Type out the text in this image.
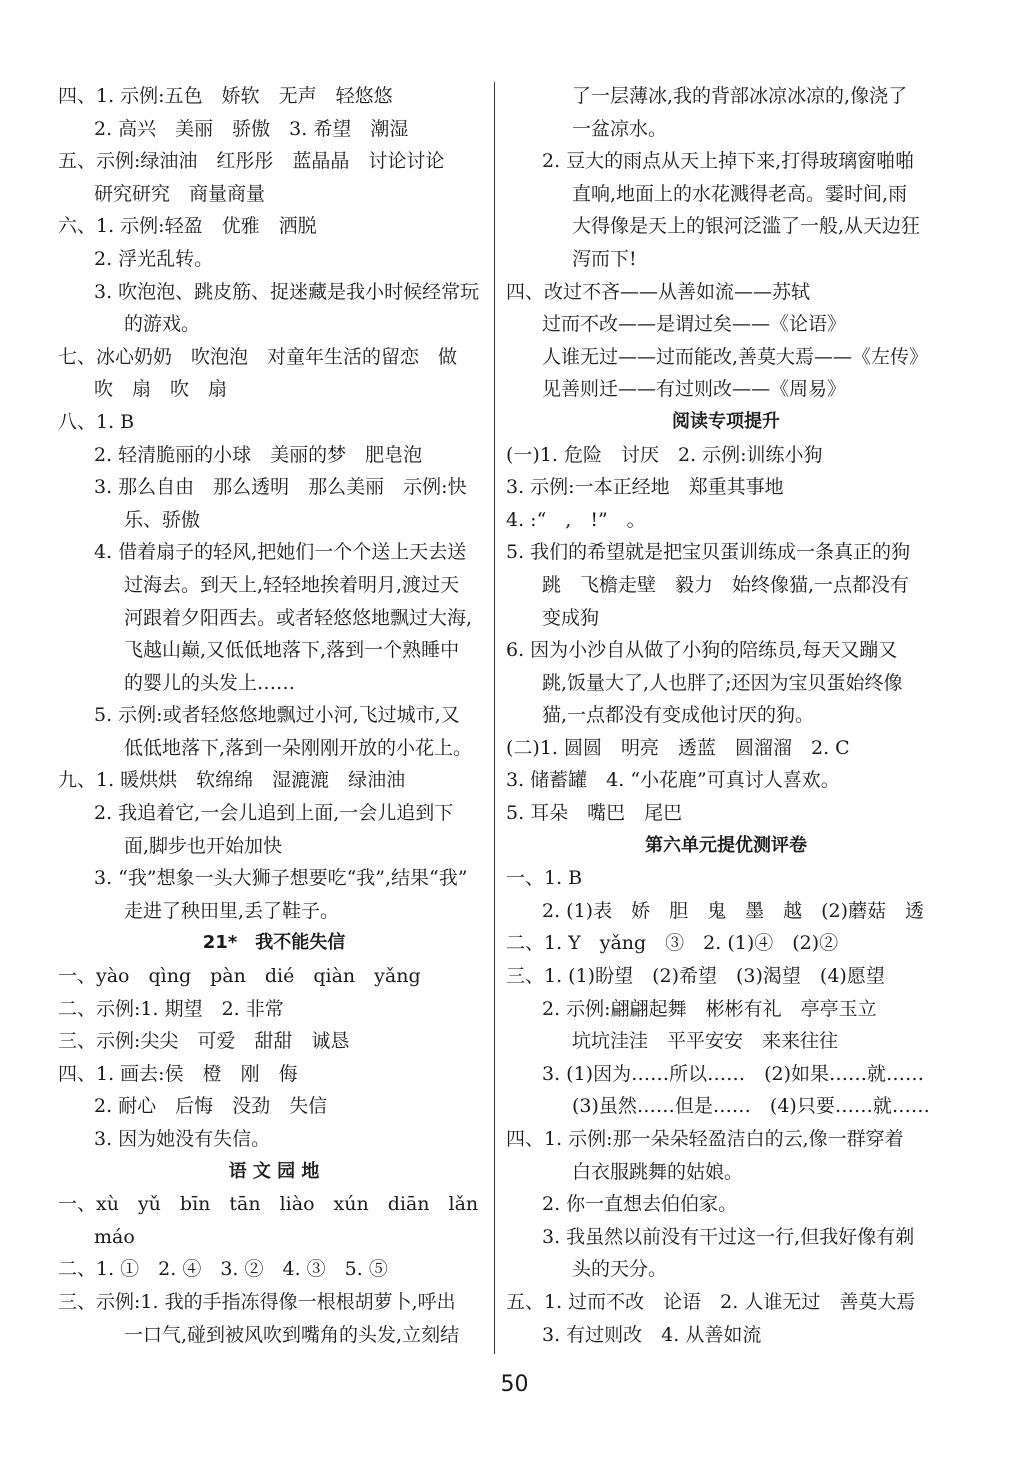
四、1. 示例:五色　娇软　无声　轻悠悠
2. 高兴　美丽　骄傲　3. 希望　潮湿
五、示例:绿油油　红彤彤　蓝晶晶　讨论讨论
研究研究　商量商量
六、1. 示例:轻盈　优雅　洒脱
2. 浮光乱转。
3. 吹泡泡、跳皮筋、捉迷藏是我小时候经常玩
的游戏。
七、冰心奶奶　吹泡泡　对童年生活的留恋　做
吹　扇　吹　扇
八、1. B
2. 轻清脆丽的小球　美丽的梦　肥皂泡
3. 那么自由　那么透明　那么美丽　示例:快
乐、骄傲
4. 借着扇子的轻风,把她们一个个送上天去送
过海去。到天上,轻轻地挨着明月,渡过天
河跟着夕阳西去。或者轻悠悠地飘过大海,
飞越山巅,又低低地落下,落到一个熟睡中
的婴儿的头发上……
5. 示例:或者轻悠悠地飘过小河,飞过城市,又
低低地落下,落到一朵刚刚开放的小花上。
九、1. 暖烘烘　软绵绵　湿漉漉　绿油油
2. 我追着它,一会儿追到上面,一会儿追到下
面,脚步也开始加快
3. “我”想象一头大狮子想要吃“我”,结果“我”
走进了秧田里,丢了鞋子。
21*　我不能失信
一、yào　qìng　pàn　dié　qiàn　yǎng
二、示例:1. 期望　2. 非常
三、示例:尖尖　可爱　甜甜　诚恳
四、1. 画去:侯　橙　刚　侮
2. 耐心　后悔　没劲　失信
3. 因为她没有失信。
语 文 园 地
一、xù　yǔ　bīn　tān　liào　xún　diān　lǎn
máo
二、1. ①　2. ④　3. ②　4. ③　5. ⑤
三、示例:1. 我的手指冻得像一根根胡萝卜,呼出
一口气,碰到被风吹到嘴角的头发,立刻结
了一层薄冰,我的背部冰凉冰凉的,像浇了
一盆凉水。
2. 豆大的雨点从天上掉下来,打得玻璃窗啪啪
直响,地面上的水花溅得老高。霎时间,雨
大得像是天上的银河泛滥了一般,从天边狂
泻而下!
四、改过不吝——从善如流——苏轼
过而不改——是谓过矣——《论语》
人谁无过——过而能改,善莫大焉——《左传》
见善则迁——有过则改——《周易》
阅读专项提升
(一)1. 危险　讨厌　2. 示例:训练小狗
3. 示例:一本正经地　郑重其事地
4. :“　,　!”　。
5. 我们的希望就是把宝贝蛋训练成一条真正的狗
跳　飞檐走壁　毅力　始终像猫,一点都没有
变成狗
6. 因为小沙自从做了小狗的陪练员,每天又蹦又
跳,饭量大了,人也胖了;还因为宝贝蛋始终像
猫,一点都没有变成他讨厌的狗。
(二)1. 圆圆　明亮　透蓝　圆溜溜　2. C
3. 储蓄罐　4. “小花鹿”可真讨人喜欢。
5. 耳朵　嘴巴　尾巴
第六单元提优测评卷
一、1. B
2. (1)表　娇　胆　鬼　墨　越　(2)蘑菇　透
二、1. Y　yǎng　③　2. (1)④　(2)②
三、1. (1)盼望　(2)希望　(3)渴望　(4)愿望
2. 示例:翩翩起舞　彬彬有礼　亭亭玉立
坑坑洼洼　平平安安　来来往往
3. (1)因为……所以……　(2)如果……就……
(3)虽然……但是……　(4)只要……就……
四、1. 示例:那一朵朵轻盈洁白的云,像一群穿着
白衣服跳舞的姑娘。
2. 你一直想去伯伯家。
3. 我虽然以前没有干过这一行,但我好像有剃
头的天分。
五、1. 过而不改　论语　2. 人谁无过　善莫大焉
3. 有过则改　4. 从善如流
50
